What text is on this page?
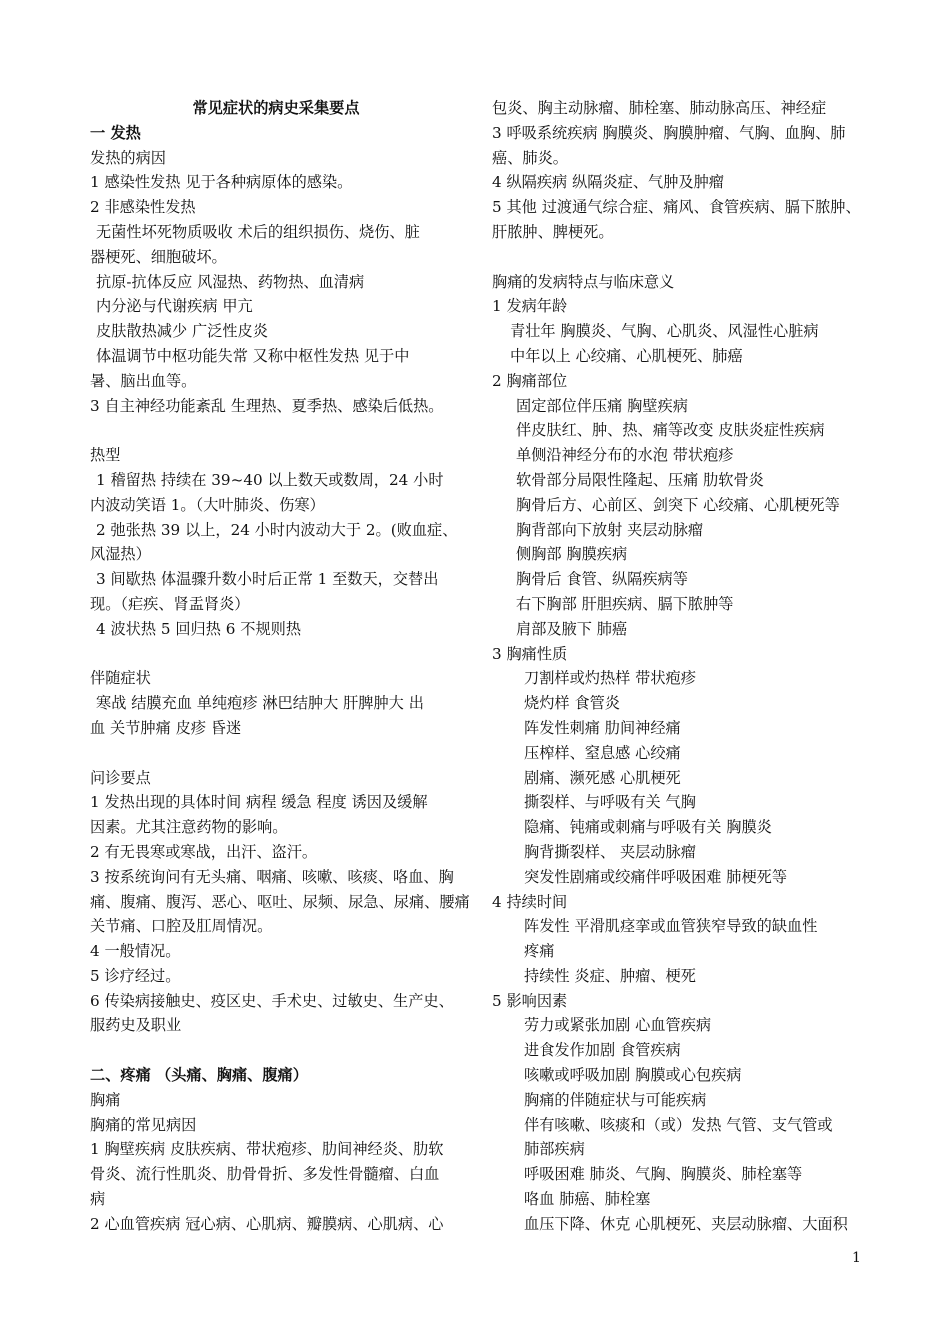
常见症状的病史采集要点
一 发热
发热的病因
1 感染性发热 见于各种病原体的感染。
2 非感染性发热
无菌性坏死物质吸收 术后的组织损伤、烧伤、脏
器梗死、细胞破坏。
抗原-抗体反应 风湿热、药物热、血清病
内分泌与代谢疾病 甲亢
皮肤散热减少 广泛性皮炎
体温调节中枢功能失常 又称中枢性发热 见于中
暑、脑出血等。
3 自主神经功能紊乱 生理热、夏季热、感染后低热。
热型
1 稽留热 持续在 39~40 以上数天或数周，24 小时
内波动笑语 1。（大叶肺炎、伤寒）
2 弛张热 39 以上，24 小时内波动大于 2。(败血症、
风湿热）
3 间歇热 体温骤升数小时后正常 1 至数天，交替出
现。（疟疾、肾盂肾炎）
4 波状热 5 回归热 6 不规则热
伴随症状
寒战 结膜充血 单纯疱疹 淋巴结肿大 肝脾肿大 出
血 关节肿痛 皮疹 昏迷
问诊要点
1 发热出现的具体时间 病程 缓急 程度 诱因及缓解
因素。尤其注意药物的影响。
2 有无畏寒或寒战，出汗、盗汗。
3 按系统询问有无头痛、咽痛、咳嗽、咳痰、咯血、胸
痛、腹痛、腹泻、恶心、呕吐、尿频、尿急、尿痛、腰痛
关节痛、口腔及肛周情况。
4 一般情况。
5 诊疗经过。
6 传染病接触史、疫区史、手术史、过敏史、生产史、
服药史及职业
二、疼痛 （头痛、胸痛、腹痛）
胸痛
胸痛的常见病因
1 胸壁疾病 皮肤疾病、带状疱疹、肋间神经炎、肋软
骨炎、流行性肌炎、肋骨骨折、多发性骨髓瘤、白血
病
2 心血管疾病 冠心病、心肌病、瓣膜病、心肌病、心
包炎、胸主动脉瘤、肺栓塞、肺动脉高压、神经症
3 呼吸系统疾病 胸膜炎、胸膜肿瘤、气胸、血胸、肺
癌、肺炎。
4 纵隔疾病 纵隔炎症、气肿及肿瘤
5 其他 过渡通气综合症、痛风、食管疾病、膈下脓肿、
肝脓肿、脾梗死。
胸痛的发病特点与临床意义
1 发病年龄
青壮年 胸膜炎、气胸、心肌炎、风湿性心脏病
中年以上 心绞痛、心肌梗死、肺癌
2 胸痛部位
固定部位伴压痛 胸壁疾病
伴皮肤红、肿、热、痛等改变 皮肤炎症性疾病
单侧沿神经分布的水泡 带状疱疹
软骨部分局限性隆起、压痛 肋软骨炎
胸骨后方、心前区、剑突下 心绞痛、心肌梗死等
胸背部向下放射 夹层动脉瘤
侧胸部 胸膜疾病
胸骨后 食管、纵隔疾病等
右下胸部 肝胆疾病、膈下脓肿等
肩部及腋下 肺癌
3 胸痛性质
刀割样或灼热样 带状疱疹
烧灼样 食管炎
阵发性刺痛 肋间神经痛
压榨样、窒息感 心绞痛
剧痛、濒死感 心肌梗死
撕裂样、与呼吸有关 气胸
隐痛、钝痛或刺痛与呼吸有关 胸膜炎
胸背撕裂样、 夹层动脉瘤
突发性剧痛或绞痛伴呼吸困难 肺梗死等
4 持续时间
阵发性 平滑肌痉挛或血管狭窄导致的缺血性
疼痛
持续性 炎症、肿瘤、梗死
5 影响因素
劳力或紧张加剧 心血管疾病
进食发作加剧 食管疾病
咳嗽或呼吸加剧 胸膜或心包疾病
胸痛的伴随症状与可能疾病
伴有咳嗽、咳痰和（或）发热 气管、支气管或
肺部疾病
呼吸困难 肺炎、气胸、胸膜炎、肺栓塞等
咯血 肺癌、肺栓塞
血压下降、休克 心肌梗死、夹层动脉瘤、大面积
1
